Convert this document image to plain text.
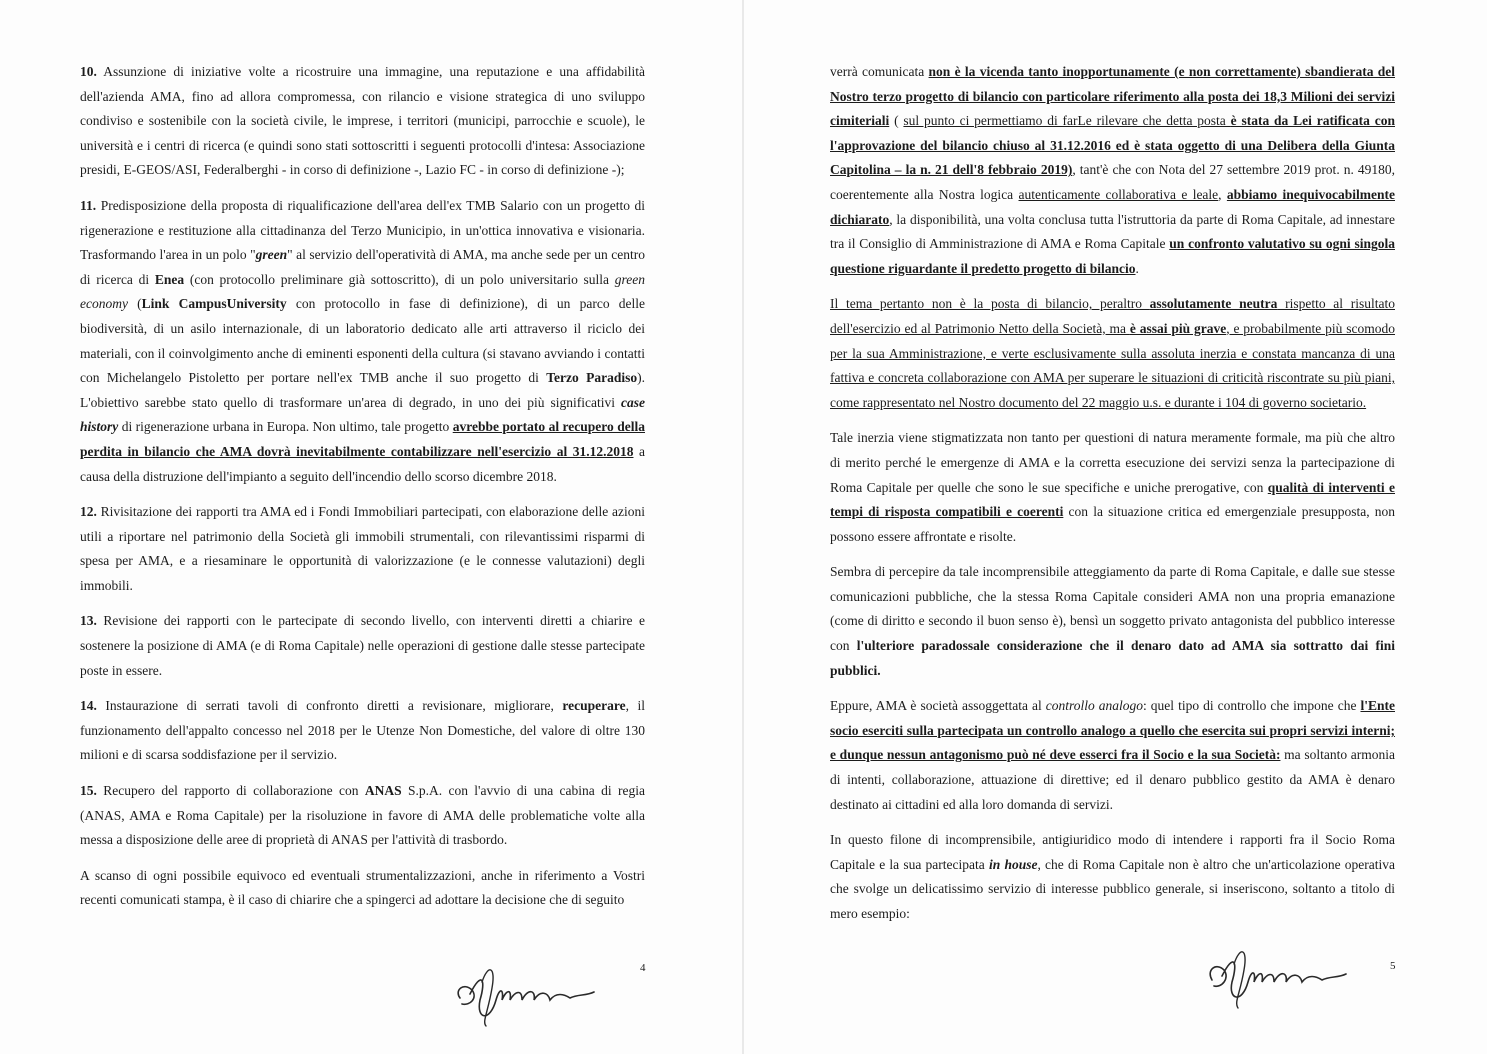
10. Assunzione di iniziative volte a ricostruire una immagine, una reputazione e una affidabilità dell'azienda AMA, fino ad allora compromessa, con rilancio e visione strategica di uno sviluppo condiviso e sostenibile con la società civile, le imprese, i territori (municipi, parrocchie e scuole), le università e i centri di ricerca (e quindi sono stati sottoscritti i seguenti protocolli d'intesa: Associazione presidi, E-GEOS/ASI, Federalberghi - in corso di definizione -, Lazio FC - in corso di definizione -);

11. Predisposizione della proposta di riqualificazione dell'area dell'ex TMB Salario con un progetto di rigenerazione e restituzione alla cittadinanza del Terzo Municipio, in un'ottica innovativa e visionaria. Trasformando l'area in un polo "green" al servizio dell'operatività di AMA, ma anche sede per un centro di ricerca di Enea (con protocollo preliminare già sottoscritto), di un polo universitario sulla green economy (Link CampusUniversity con protocollo in fase di definizione), di un parco delle biodiversità, di un asilo internazionale, di un laboratorio dedicato alle arti attraverso il riciclo dei materiali, con il coinvolgimento anche di eminenti esponenti della cultura (si stavano avviando i contatti con Michelangelo Pistoletto per portare nell'ex TMB anche il suo progetto di Terzo Paradiso). L'obiettivo sarebbe stato quello di trasformare un'area di degrado, in uno dei più significativi case history di rigenerazione urbana in Europa. Non ultimo, tale progetto avrebbe portato al recupero della perdita in bilancio che AMA dovrà inevitabilmente contabilizzare nell'esercizio al 31.12.2018 a causa della distruzione dell'impianto a seguito dell'incendio dello scorso dicembre 2018.

12. Rivisitazione dei rapporti tra AMA ed i Fondi Immobiliari partecipati, con elaborazione delle azioni utili a riportare nel patrimonio della Società gli immobili strumentali, con rilevantissimi risparmi di spesa per AMA, e a riesaminare le opportunità di valorizzazione (e le connesse valutazioni) degli immobili.

13. Revisione dei rapporti con le partecipate di secondo livello, con interventi diretti a chiarire e sostenere la posizione di AMA (e di Roma Capitale) nelle operazioni di gestione dalle stesse partecipate poste in essere.

14. Instaurazione di serrati tavoli di confronto diretti a revisionare, migliorare, recuperare, il funzionamento dell'appalto concesso nel 2018 per le Utenze Non Domestiche, del valore di oltre 130 milioni e di scarsa soddisfazione per il servizio.

15. Recupero del rapporto di collaborazione con ANAS S.p.A. con l'avvio di una cabina di regia (ANAS, AMA e Roma Capitale) per la risoluzione in favore di AMA delle problematiche volte alla messa a disposizione delle aree di proprietà di ANAS per l'attività di trasbordo.

A scanso di ogni possibile equivoco ed eventuali strumentalizzazioni, anche in riferimento a Vostri recenti comunicati stampa, è il caso di chiarire che a spingerci ad adottare la decisione che di seguito

4

verrà comunicata non è la vicenda tanto inopportunamente (e non correttamente) sbandierata del Nostro terzo progetto di bilancio con particolare riferimento alla posta dei 18,3 Milioni dei servizi cimiteriali ( sul punto ci permettiamo di farLe rilevare che detta posta è stata da Lei ratificata con l'approvazione del bilancio chiuso al 31.12.2016 ed è stata oggetto di una Delibera della Giunta Capitolina – la n. 21 dell'8 febbraio 2019), tant'è che con Nota del 27 settembre 2019 prot. n. 49180, coerentemente alla Nostra logica autenticamente collaborativa e leale, abbiamo inequivocabilmente dichiarato, la disponibilità, una volta conclusa tutta l'istruttoria da parte di Roma Capitale, ad innestare tra il Consiglio di Amministrazione di AMA e Roma Capitale un confronto valutativo su ogni singola questione riguardante il predetto progetto di bilancio.

Il tema pertanto non è la posta di bilancio, peraltro assolutamente neutra rispetto al risultato dell'esercizio ed al Patrimonio Netto della Società, ma è assai più grave, e probabilmente più scomodo per la sua Amministrazione, e verte esclusivamente sulla assoluta inerzia e constata mancanza di una fattiva e concreta collaborazione con AMA per superare le situazioni di criticità riscontrate su più piani, come rappresentato nel Nostro documento del 22 maggio u.s. e durante i 104 di governo societario.

Tale inerzia viene stigmatizzata non tanto per questioni di natura meramente formale, ma più che altro di merito perché le emergenze di AMA e la corretta esecuzione dei servizi senza la partecipazione di Roma Capitale per quelle che sono le sue specifiche e uniche prerogative, con qualità di interventi e tempi di risposta compatibili e coerenti con la situazione critica ed emergenziale presupposta, non possono essere affrontate e risolte.

Sembra di percepire da tale incomprensibile atteggiamento da parte di Roma Capitale, e dalle sue stesse comunicazioni pubbliche, che la stessa Roma Capitale consideri AMA non una propria emanazione (come di diritto e secondo il buon senso è), bensì un soggetto privato antagonista del pubblico interesse con l'ulteriore paradossale considerazione che il denaro dato ad AMA sia sottratto dai fini pubblici.

Eppure, AMA è società assoggettata al controllo analogo: quel tipo di controllo che impone che l'Ente socio eserciti sulla partecipata un controllo analogo a quello che esercita sui propri servizi interni; e dunque nessun antagonismo può né deve esserci fra il Socio e la sua Società: ma soltanto armonia di intenti, collaborazione, attuazione di direttive; ed il denaro pubblico gestito da AMA è denaro destinato ai cittadini ed alla loro domanda di servizi.

In questo filone di incomprensibile, antigiuridico modo di intendere i rapporti fra il Socio Roma Capitale e la sua partecipata in house, che di Roma Capitale non è altro che un'articolazione operativa che svolge un delicatissimo servizio di interesse pubblico generale, si inseriscono, soltanto a titolo di mero esempio:

5
